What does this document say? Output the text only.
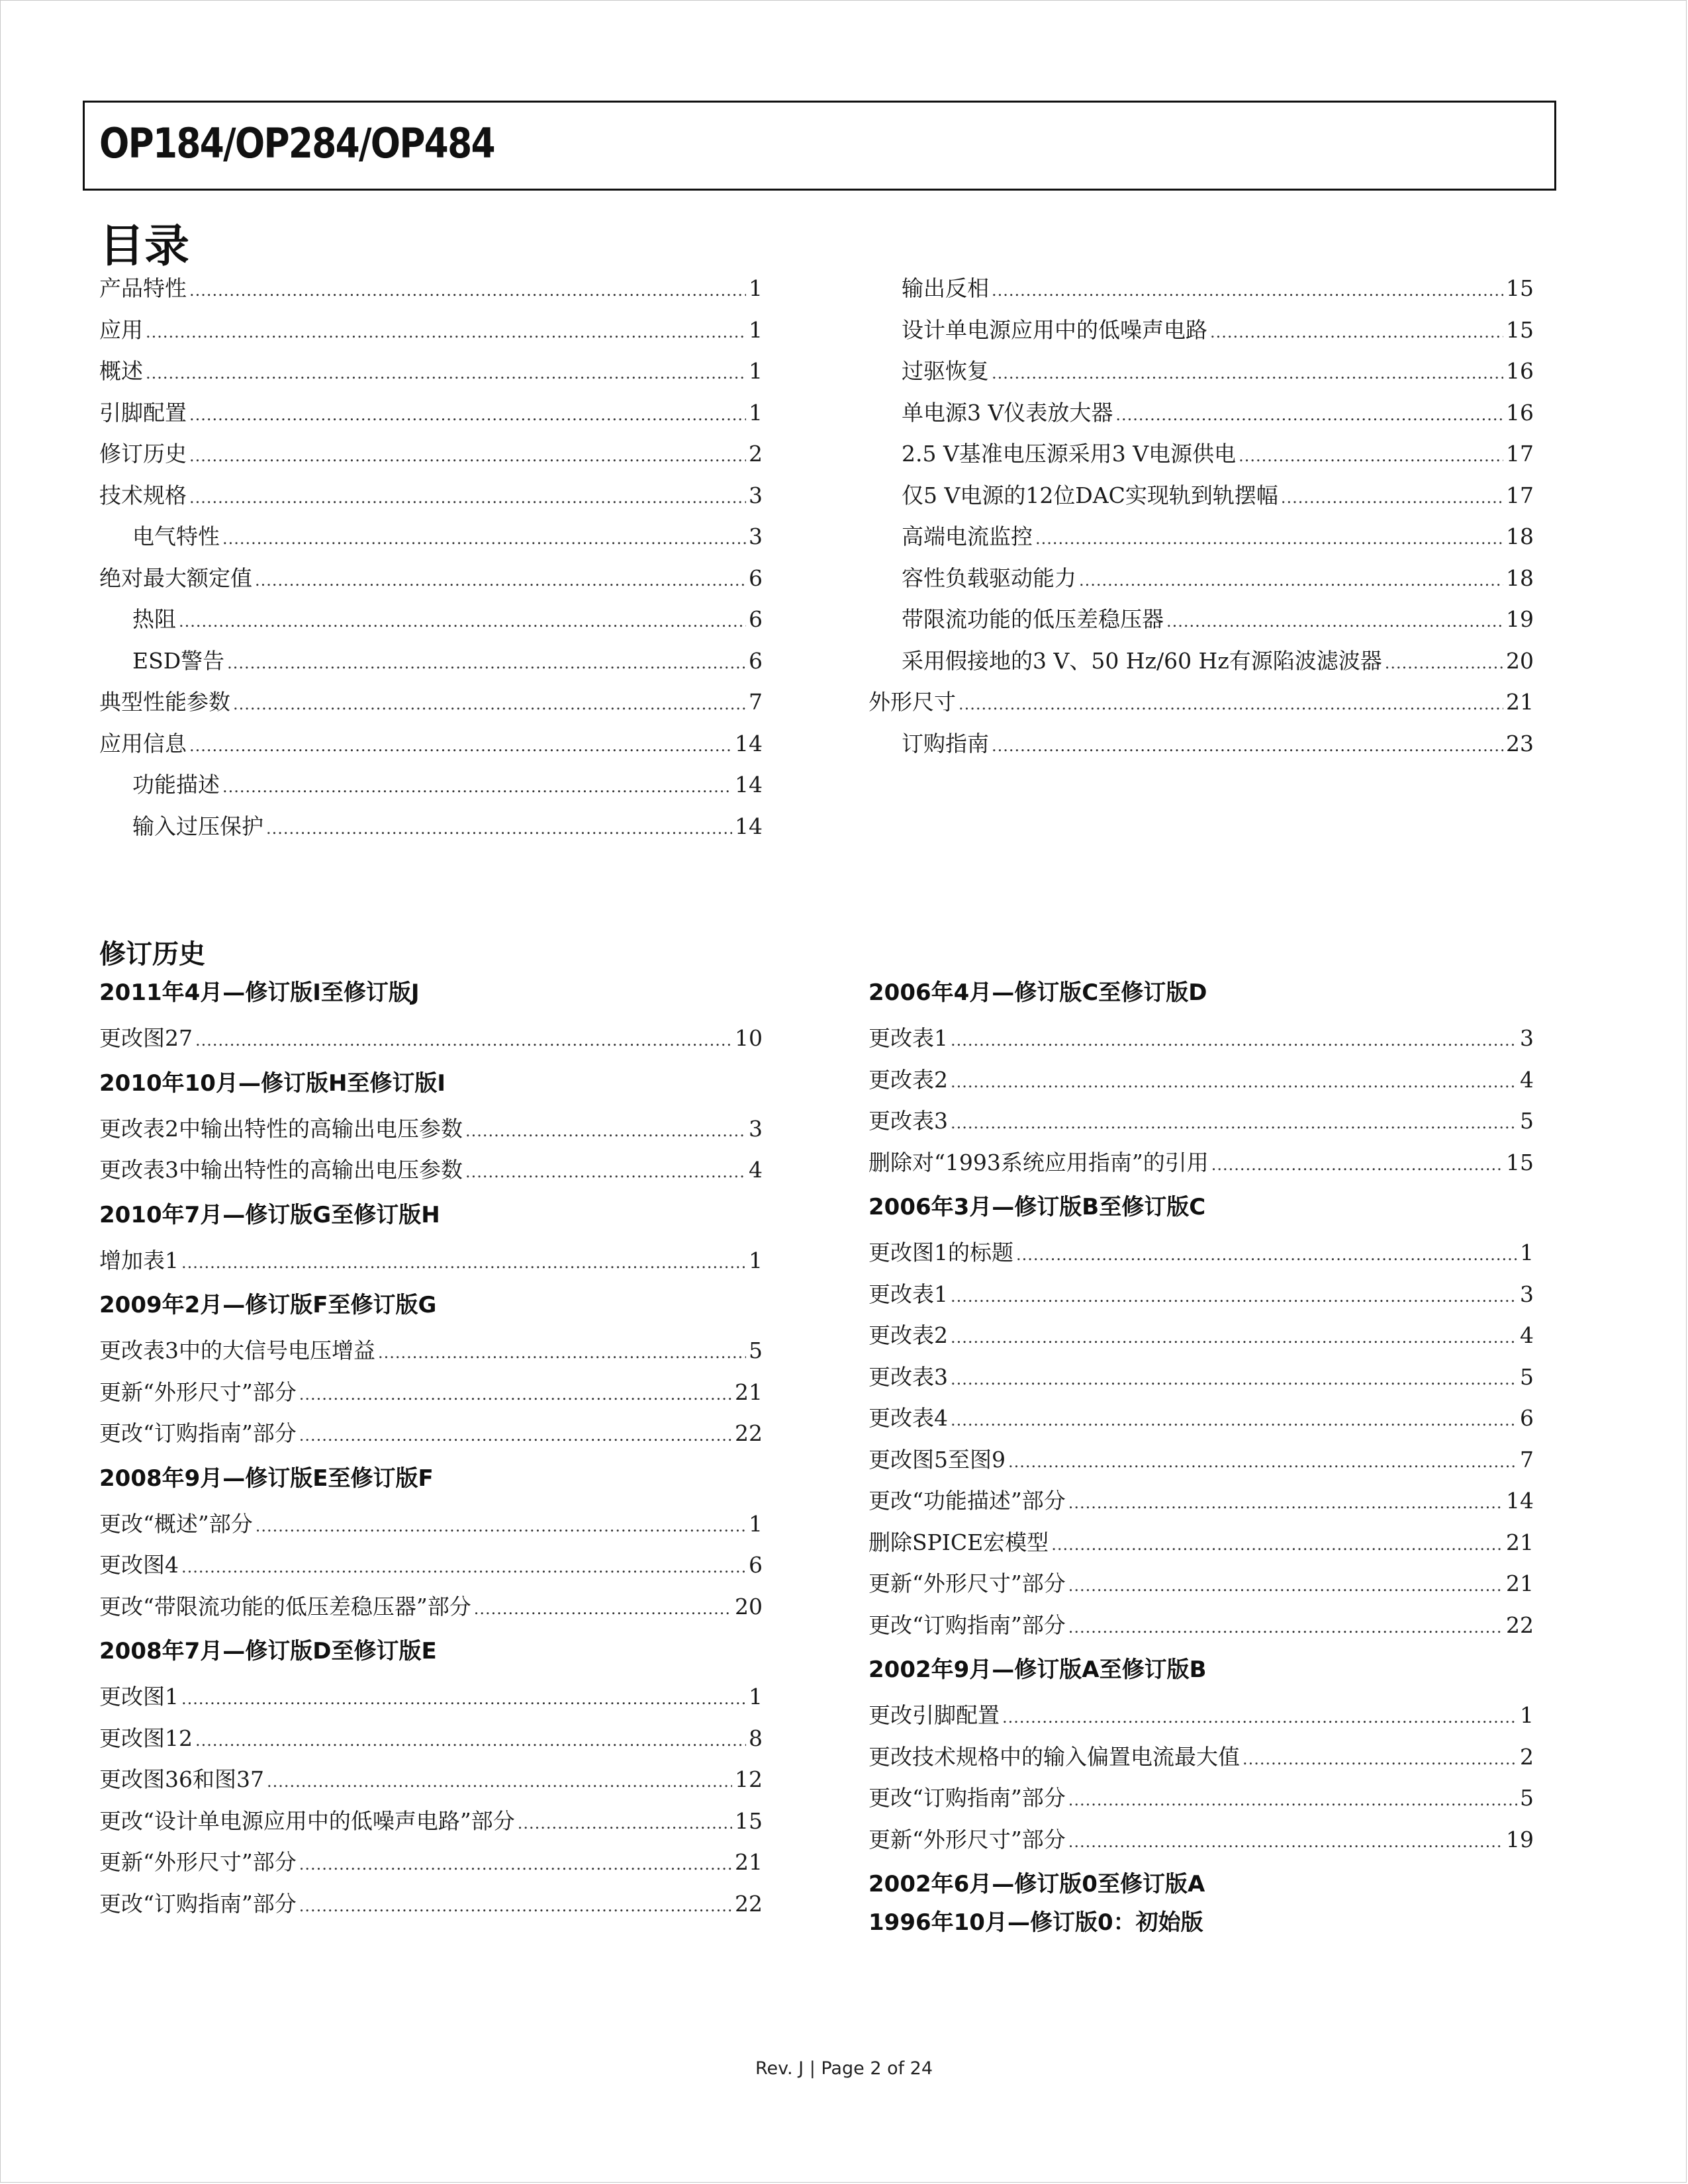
OP184/OP284/OP484
目录
产品特性 .....	1
应用 .....	1
概述 .....	1
引脚配置 .....	1
修订历史 .....	2
技术规格 .....	3
电气特性 .....	3
绝对最大额定值 .....	6
热阻 .....	6
ESD警告 .....	6
典型性能参数 .....	7
应用信息 .....	14
功能描述 .....	14
输入过压保护 .....	14
输出反相 .....	15
设计单电源应用中的低噪声电路 .....	15
过驱恢复 .....	16
单电源3 V仪表放大器 .....	16
2.5 V基准电压源采用3 V电源供电 .....	17
仅5 V电源的12位DAC实现轨到轨摆幅 .....	17
高端电流监控 .....	18
容性负载驱动能力 .....	18
带限流功能的低压差稳压器 .....	19
采用假接地的3 V、50 Hz/60 Hz有源陷波滤波器 .....	20
外形尺寸 .....	21
订购指南 .....	23
修订历史
2011年4月—修订版I至修订版J
更改图27 .....	10
2010年10月—修订版H至修订版I
更改表2中输出特性的高输出电压参数 .....	3
更改表3中输出特性的高输出电压参数 .....	4
2010年7月—修订版G至修订版H
增加表1 .....	1
2009年2月—修订版F至修订版G
更改表3中的大信号电压增益 .....	5
更新“外形尺寸”部分 .....	21
更改“订购指南”部分 .....	22
2008年9月—修订版E至修订版F
更改“概述”部分 .....	1
更改图4 .....	6
更改“带限流功能的低压差稳压器”部分 .....	20
2008年7月—修订版D至修订版E
更改图1 .....	1
更改图12 .....	8
更改图36和图37 .....	12
更改“设计单电源应用中的低噪声电路”部分 .....	15
更新“外形尺寸”部分 .....	21
更改“订购指南”部分 .....	22
2006年4月—修订版C至修订版D
更改表1 .....	3
更改表2 .....	4
更改表3 .....	5
删除对“1993系统应用指南”的引用 .....	15
2006年3月—修订版B至修订版C
更改图1的标题 .....	1
更改表1 .....	3
更改表2 .....	4
更改表3 .....	5
更改表4 .....	6
更改图5至图9 .....	7
更改“功能描述”部分 .....	14
删除SPICE宏模型 .....	21
更新“外形尺寸”部分 .....	21
更改“订购指南”部分 .....	22
2002年9月—修订版A至修订版B
更改引脚配置 .....	1
更改技术规格中的输入偏置电流最大值 .....	2
更改“订购指南”部分 .....	5
更新“外形尺寸”部分 .....	19
2002年6月—修订版0至修订版A
1996年10月—修订版0：初始版
Rev. J | Page 2 of 24
